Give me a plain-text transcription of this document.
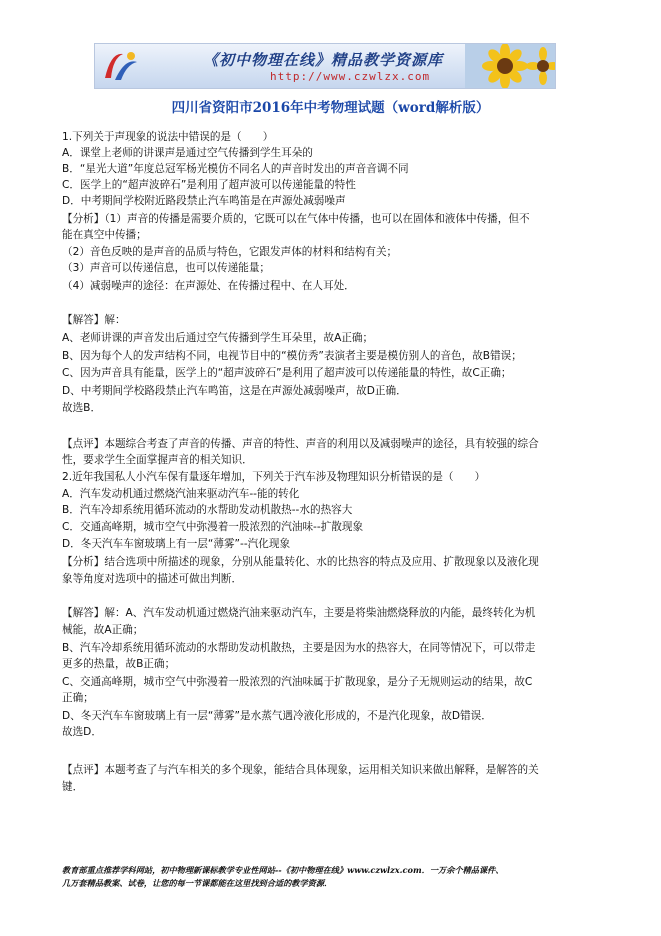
《初中物理在线》精品教学资源库
http://www.czwlzx.com
四川省资阳市2016年中考物理试题（word解析版）
1.下列关于声现象的说法中错误的是（　　）
A．课堂上老师的讲课声是通过空气传播到学生耳朵的
B．“星光大道”年度总冠军杨光模仿不同名人的声音时发出的声音音调不同
C．医学上的“超声波碎石”是利用了超声波可以传递能量的特性
D．中考期间学校附近路段禁止汽车鸣笛是在声源处减弱噪声
【分析】（1）声音的传播是需要介质的，它既可以在气体中传播，也可以在固体和液体中传播，但不
能在真空中传播；
（2）音色反映的是声音的品质与特色，它跟发声体的材料和结构有关；
（3）声音可以传递信息，也可以传递能量；
（4）减弱噪声的途径：在声源处、在传播过程中、在人耳处．
【解答】解：
A、老师讲课的声音发出后通过空气传播到学生耳朵里，故A正确；
B、因为每个人的发声结构不同，电视节目中的“模仿秀”表演者主要是模仿别人的音色，故B错误；
C、因为声音具有能量，医学上的“超声波碎石”是利用了超声波可以传递能量的特性，故C正确；
D、中考期间学校路段禁止汽车鸣笛，这是在声源处减弱噪声，故D正确．
故选B．
【点评】本题综合考查了声音的传播、声音的特性、声音的利用以及减弱噪声的途径，具有较强的综合
性，要求学生全面掌握声音的相关知识．
2.近年我国私人小汽车保有量逐年增加，下列关于汽车涉及物理知识分析错误的是（　　）
A．汽车发动机通过燃烧汽油来驱动汽车--能的转化
B．汽车冷却系统用循环流动的水帮助发动机散热--水的热容大
C．交通高峰期，城市空气中弥漫着一股浓烈的汽油味--扩散现象
D．冬天汽车车窗玻璃上有一层“薄雾”--汽化现象
【分析】结合选项中所描述的现象，分别从能量转化、水的比热容的特点及应用、扩散现象以及液化现
象等角度对选项中的描述可做出判断．
【解答】解：A、汽车发动机通过燃烧汽油来驱动汽车，主要是将柴油燃烧释放的内能，最终转化为机
械能，故A正确；
B、汽车冷却系统用循环流动的水帮助发动机散热，主要是因为水的热容大，在同等情况下，可以带走
更多的热量，故B正确；
C、交通高峰期，城市空气中弥漫着一股浓烈的汽油味属于扩散现象，是分子无规则运动的结果，故C
正确；
D、冬天汽车车窗玻璃上有一层“薄雾”是水蒸气遇冷液化形成的，不是汽化现象，故D错误．
故选D．
【点评】本题考查了与汽车相关的多个现象，能结合具体现象，运用相关知识来做出解释，是解答的关
键．
教育部重点推荐学科网站，初中物理新课标教学专业性网站--《初中物理在线》www.czwlzx.com．一万余个精品课件、
几万套精品教案、试卷，让您的每一节课都能在这里找到合适的教学资源．
